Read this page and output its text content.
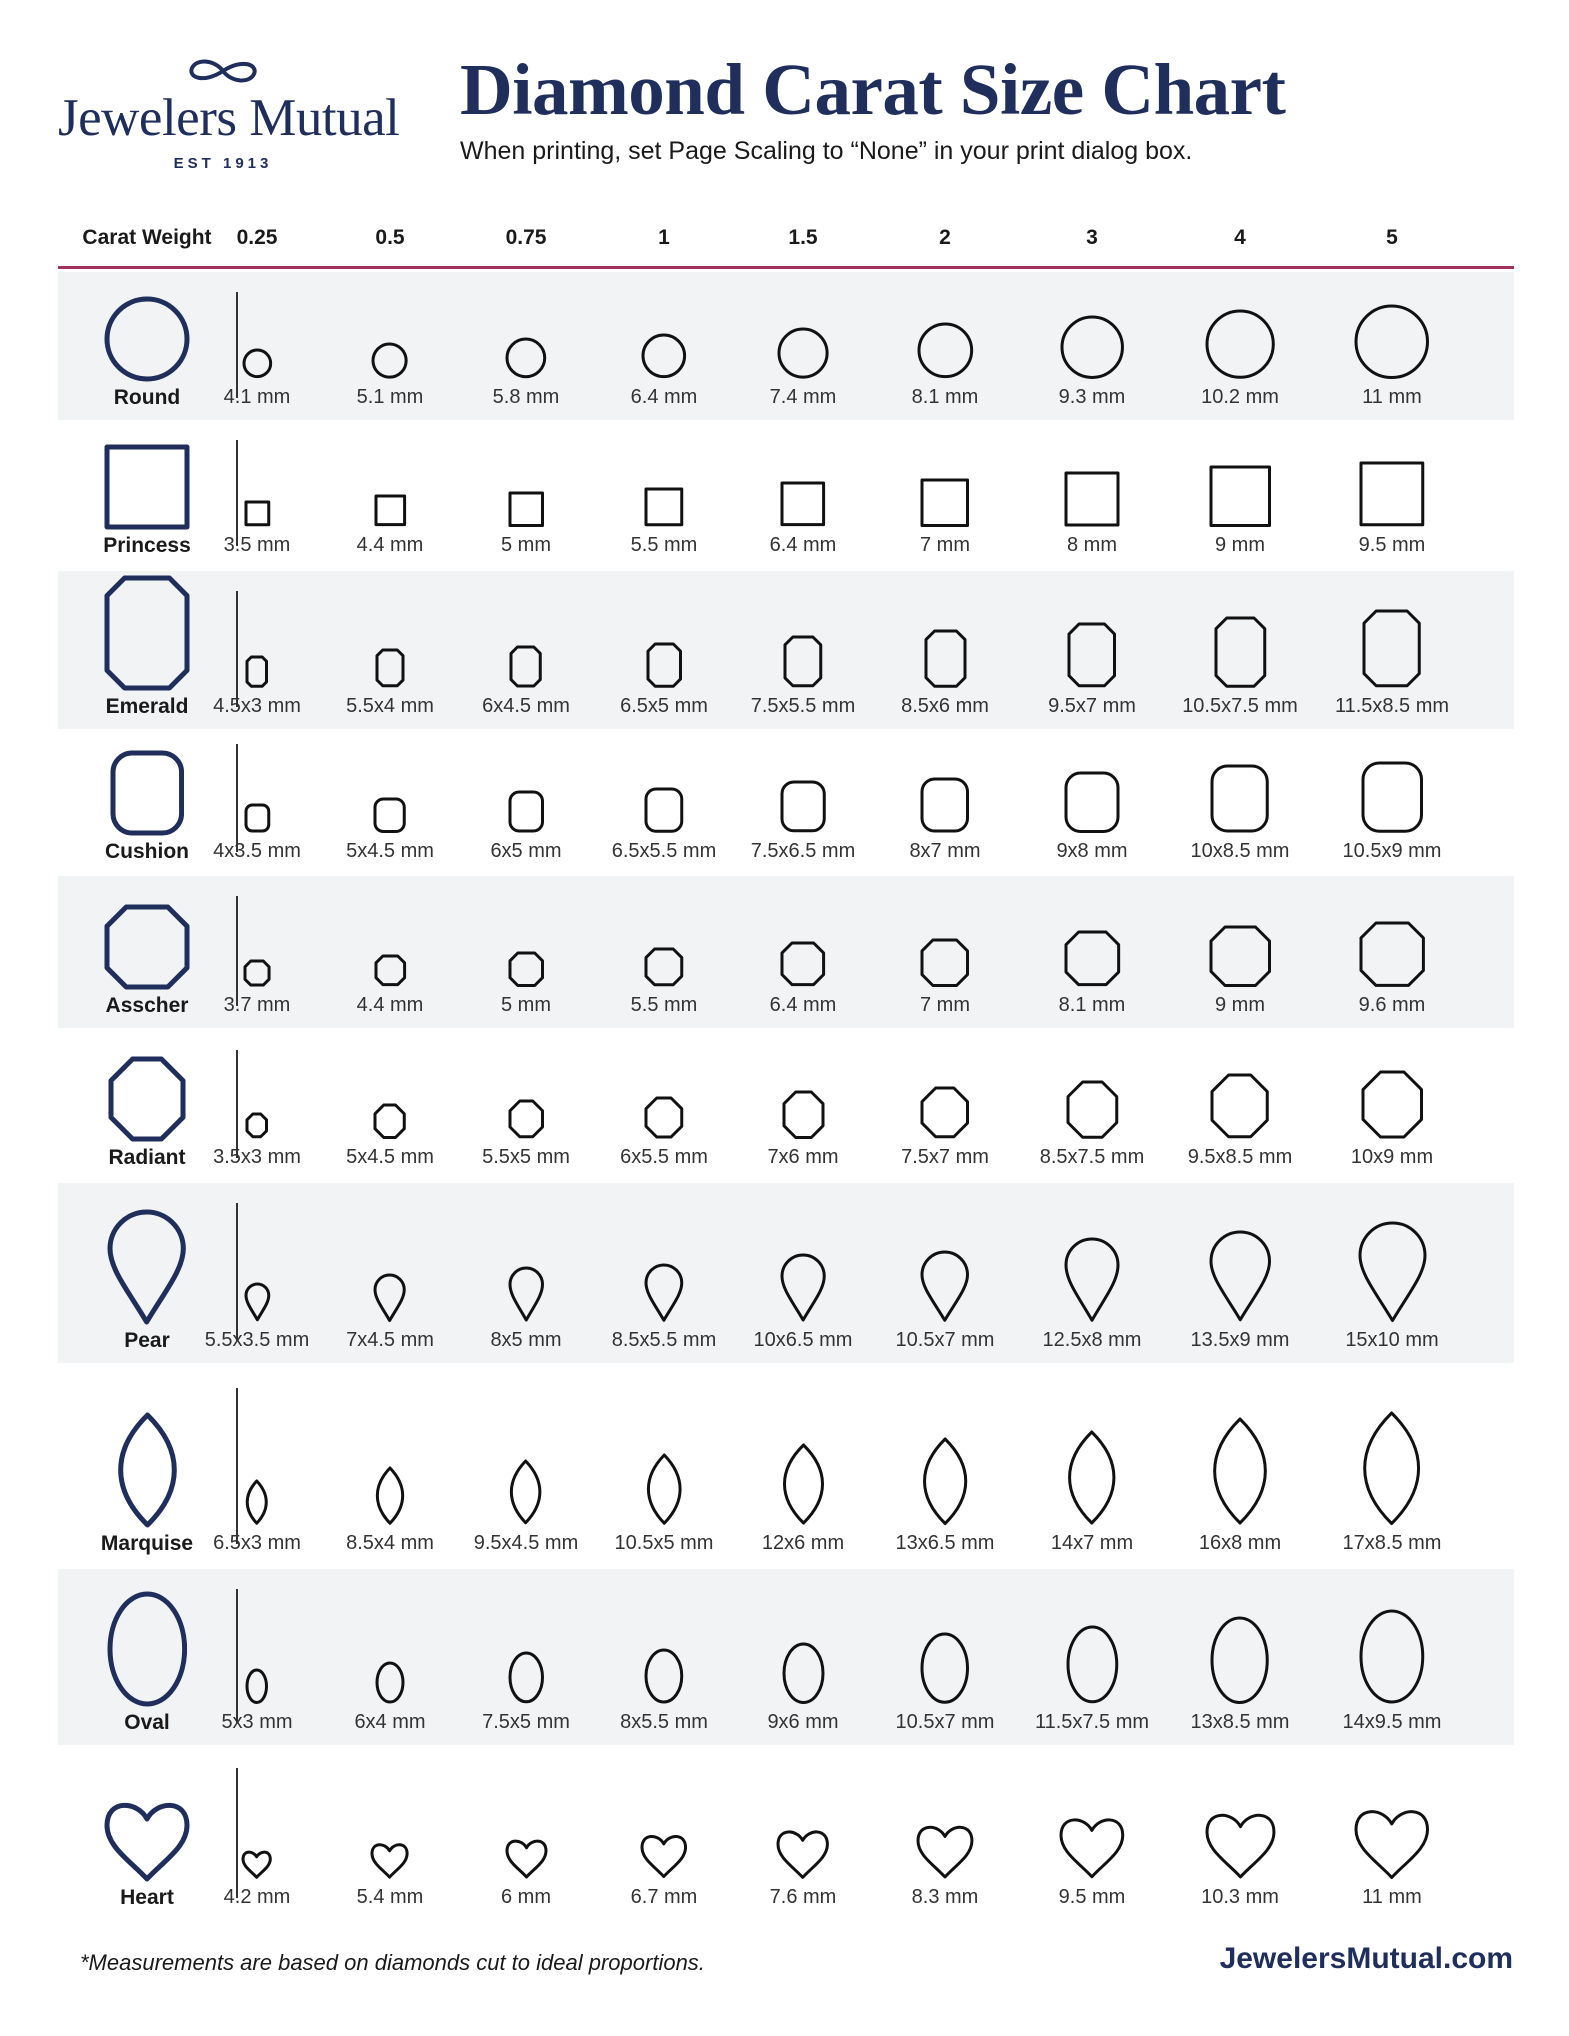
Jewelers Mutual
EST 1913
Diamond Carat Size Chart
When printing, set Page Scaling to “None” in your print dialog box.
Carat Weight	0.25	0.5	0.75	1	1.5	2	3	4	5
Round	4.1 mm	5.1 mm	5.8 mm	6.4 mm	7.4 mm	8.1 mm	9.3 mm	10.2 mm	11 mm
Princess	3.5 mm	4.4 mm	5 mm	5.5 mm	6.4 mm	7 mm	8 mm	9 mm	9.5 mm
Emerald	4.5x3 mm	5.5x4 mm	6x4.5 mm	6.5x5 mm	7.5x5.5 mm	8.5x6 mm	9.5x7 mm	10.5x7.5 mm	11.5x8.5 mm
Cushion	4x3.5 mm	5x4.5 mm	6x5 mm	6.5x5.5 mm	7.5x6.5 mm	8x7 mm	9x8 mm	10x8.5 mm	10.5x9 mm
Asscher	3.7 mm	4.4 mm	5 mm	5.5 mm	6.4 mm	7 mm	8.1 mm	9 mm	9.6 mm
Radiant	3.5x3 mm	5x4.5 mm	5.5x5 mm	6x5.5 mm	7x6 mm	7.5x7 mm	8.5x7.5 mm	9.5x8.5 mm	10x9 mm
Pear	5.5x3.5 mm	7x4.5 mm	8x5 mm	8.5x5.5 mm	10x6.5 mm	10.5x7 mm	12.5x8 mm	13.5x9 mm	15x10 mm
Marquise	6.5x3 mm	8.5x4 mm	9.5x4.5 mm	10.5x5 mm	12x6 mm	13x6.5 mm	14x7 mm	16x8 mm	17x8.5 mm
Oval	5x3 mm	6x4 mm	7.5x5 mm	8x5.5 mm	9x6 mm	10.5x7 mm	11.5x7.5 mm	13x8.5 mm	14x9.5 mm
Heart	4.2 mm	5.4 mm	6 mm	6.7 mm	7.6 mm	8.3 mm	9.5 mm	10.3 mm	11 mm
*Measurements are based on diamonds cut to ideal proportions.	JewelersMutual.com
